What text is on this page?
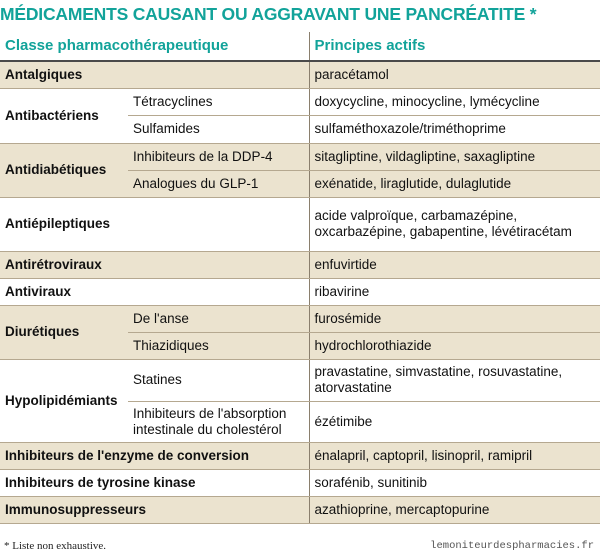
MÉDICAMENTS CAUSANT OU AGGRAVANT UNE PANCRÉATITE *
Classe pharmacothérapeutique		Principes actifs
Antalgiques		paracétamol
Antibactériens	Tétracyclines	doxycycline, minocycline, lymécycline
	Sulfamides	sulfaméthoxazole/triméthoprime
Antidiabétiques	Inhibiteurs de la DDP-4	sitagliptine, vildagliptine, saxagliptine
	Analogues du GLP-1	exénatide, liraglutide, dulaglutide
Antiépileptiques		acide valproïque, carbamazépine,
oxcarbazépine, gabapentine, lévétiracétam

Antirétroviraux		enfuvirtide
Antiviraux		ribavirine
Diurétiques	De l'anse	furosémide
	Thiazidiques	hydrochlorothiazide
Hypolipidémiants	Statines	pravastatine, simvastatine, rosuvastatine,
atorvastatine

	Inhibiteurs de l'absorption
intestinale du cholestérol	ézétimibe
Inhibiteurs de l'enzyme de conversion		énalapril, captopril, lisinopril, ramipril
Inhibiteurs de tyrosine kinase		sorafénib, sunitinib
Immunosuppresseurs		azathioprine, mercaptopurine
* Liste non exhaustive.	lemoniteurdespharmacies.fr
